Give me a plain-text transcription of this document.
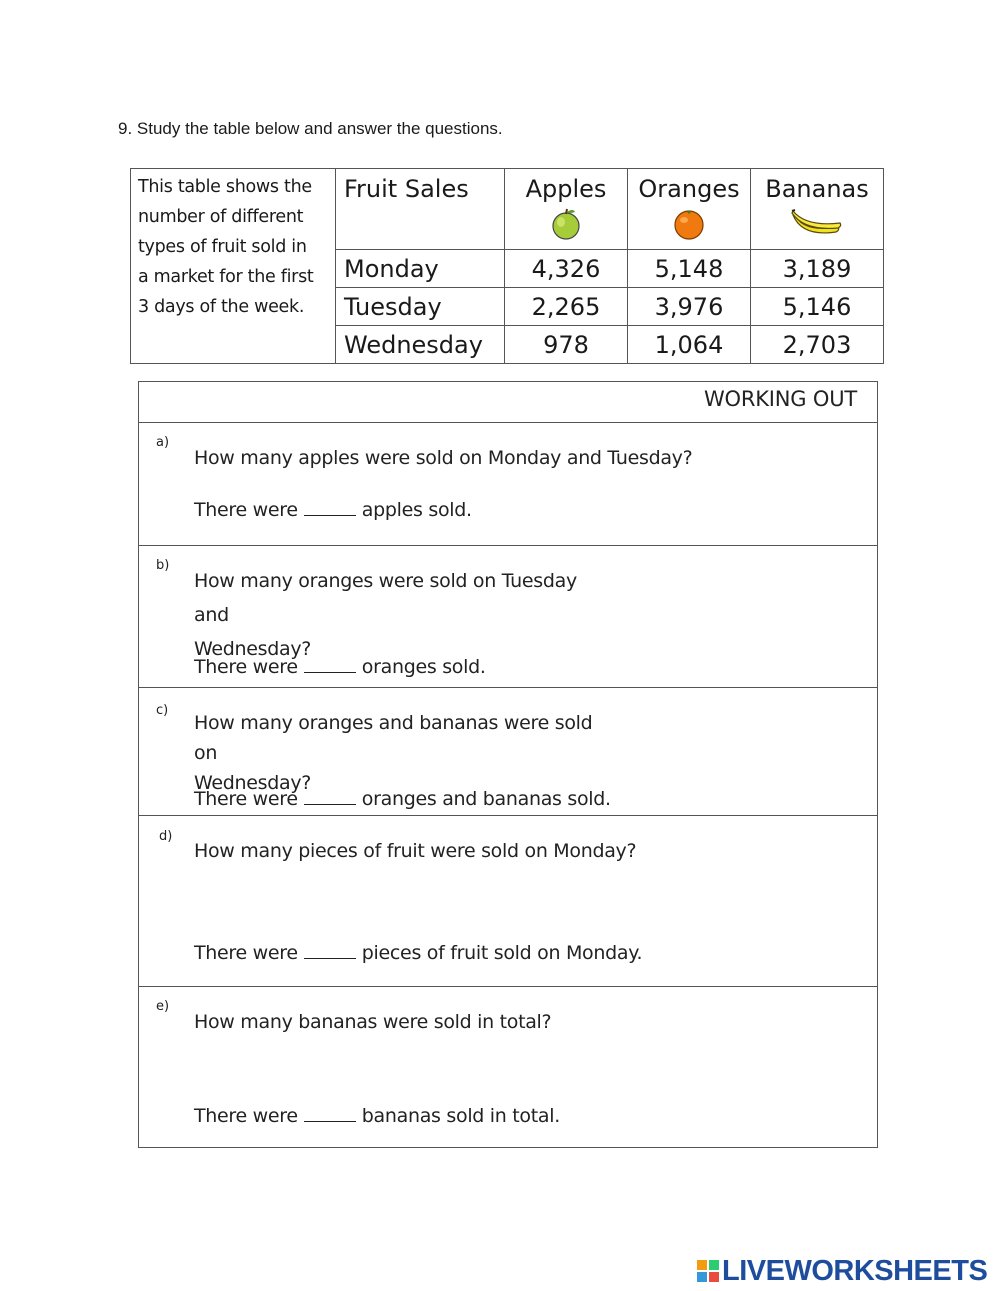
9. Study the table below and answer the questions.
This table shows the
number of different
types of fruit sold in
a market for the first
3 days of the week.	Fruit Sales	Apples	Oranges	Bananas

	Monday	4,326	5,148	3,189
	Tuesday	2,265	3,976	5,146
	Wednesday	978	1,064	2,703
WORKING OUT
a)
How many apples were sold on Monday and Tuesday?
There were	apples sold.
b)
How many oranges were sold on Tuesday and
Wednesday?
There were	oranges sold.
c)
How many oranges and bananas were sold on
Wednesday?
There were	oranges and bananas sold.
d)
How many pieces of fruit were sold on Monday?
There were	pieces of fruit sold on Monday.
e)
How many bananas were sold in total?
There were	bananas sold in total.
LIVEWORKSHEETS
